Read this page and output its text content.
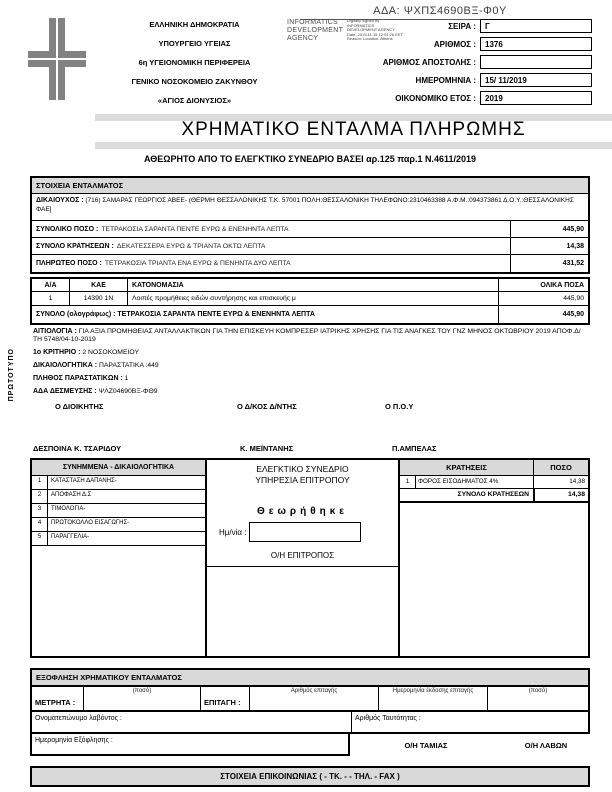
ΑΔΑ: ΨΧΠΣ4690ΒΞ-Φ0Υ
ΕΛΛΗΝΙΚΗ ΔΗΜΟΚΡΑΤΙΑ
ΥΠΟΥΡΓΕΙΟ ΥΓΕΙΑΣ
6η ΥΓΕΙΟΝΟΜΙΚΗ ΠΕΡΙΦΕΡΕΙΑ
ΓΕΝΙΚΟ ΝΟΣΟΚΟΜΕΙΟ ΖΑΚΥΝΘΟΥ
«ΑΓΙΟΣ ΔΙΟΝΥΣΙΟΣ»
INFORMATICS DEVELOPMENT AGENCY
Digitally signed by INFORMATICS DEVELOPMENT AGENCY Date: 2019.11.15 12:01:26 EET Reason: Location: Athens
ΣΕΙΡΑ :	Γ
ΑΡΙΘΜΟΣ :	1376
ΑΡΙΘΜΟΣ ΑΠΟΣΤΟΛΗΣ :
ΗΜΕΡΟΜΗΝΙΑ :	15/ 11/2019
ΟΙΚΟΝΟΜΙΚΟ ΕΤΟΣ :	2019
ΧΡΗΜΑΤΙΚΟ ΕΝΤΑΛΜΑ ΠΛΗΡΩΜΗΣ
ΑΘΕΩΡΗΤΟ ΑΠΟ ΤΟ ΕΛΕΓΚΤΙΚΟ ΣΥΝΕΔΡΙΟ ΒΑΣΕΙ αρ.125 παρ.1 Ν.4611/2019
ΣΤΟΙΧΕΙΑ ΕΝΤΑΛΜΑΤΟΣ
ΔΙΚΑΙΟΥΧΟΣ : (716) ΣΑΜΑΡΑΣ ΓΕΩΡΓΙΟΣ ΑΒΕΕ- (ΘΕΡΜΗ ΘΕΣΣΑΛΟΝΙΚΗΣ Τ.Κ. 57001 ΠΟΛΗ:ΘΕΣΣΑΛΟΝΙΚΗ ΤΗΛΕΦΩΝΟ:2310463388 Α.Φ.Μ.:094373861 Δ.Ο.Υ.:ΘΕΣΣΑΛΟΝΙΚΗΣ ΦΑΕ]
ΣΥΝΟΛΙΚΟ ΠΟΣΟ : ΤΕΤΡΑΚΟΣΙΑ ΣΑΡΑΝΤΑ ΠΕΝΤΕ ΕΥΡΩ & ΕΝΕΝΗΝΤΑ ΛΕΠΤΑ	445,90
ΣΥΝΟΛΟ ΚΡΑΤΗΣΕΩΝ : ΔΕΚΑΤΕΣΣΕΡΑ ΕΥΡΩ & ΤΡΙΑΝΤΑ ΟΚΤΩ ΛΕΠΤΑ	14,38
ΠΛΗΡΩΤΕΟ ΠΟΣΟ : ΤΕΤΡΑΚΟΣΙΑ ΤΡΙΑΝΤΑ ΕΝΑ ΕΥΡΩ & ΠΕΝΗΝΤΑ ΔΥΟ ΛΕΠΤΑ	431,52
Α/Α	ΚΑΕ	ΚΑΤΟΝΟΜΑΣΙΑ	ΟΛΙΚΑ ΠΟΣΑ
1	14390 1Ν	Λοιπές προμήθειες ειδών συντήρησης και επισκευής μ	445,90
ΣΥΝΟΛΟ (ολογράφως) : ΤΕΤΡΑΚΟΣΙΑ ΣΑΡΑΝΤΑ ΠΕΝΤΕ ΕΥΡΩ & ΕΝΕΝΗΝΤΑ ΛΕΠΤΑ	445,90
ΑΙΤΙΟΛΟΓΙΑ : ΓΙΑ ΑΞΙΑ ΠΡΟΜΗΘΕΙΑΣ ΑΝΤΑΛΛΑΚΤΙΚΩΝ ΓΙΑ ΤΗΝ ΕΠΙΣΚΕΥΗ ΚΟΜΠΡΕΣΕΡ ΙΑΤΡΙΚΗΣ ΧΡΗΣΗΣ ΓΙΑ ΤΙΣ ΑΝΑΓΚΕΣ ΤΟΥ ΓΝΖ ΜΗΝΟΣ ΟΚΤΩΒΡΙΟΥ 2019 ΑΠΟΦ.Δ/ΤΗ 5748/04-10-2019
1ο ΚΡΙΤΗΡΙΟ : 2 ΝΟΣΟΚΟΜΕΙΟΥ
ΔΙΚΑΙΟΛΟΓΗΤΙΚΑ : ΠΑΡΑΣΤΑΤΙΚΑ :449
ΠΛΗΘΟΣ ΠΑΡΑΣΤΑΤΙΚΩΝ : 1
ΑΔΑ ΔΕΣΜΕΥΣΗΣ : ΨΛΖ04690ΒΞ-ΦΘ9
ΠΡΩΤΟΤΥΠΟ
Ο ΔΙΟΙΚΗΤΗΣ	Ο Δ/ΚΟΣ Δ/ΝΤΗΣ	Ο Π.Ο.Υ
ΔΕΣΠΟΙΝΑ Κ. ΤΣΑΡΙΔΟΥ	Κ. ΜΕΪΝΤΑΝΗΣ	Π.ΑΜΠΕΛΑΣ
ΣΥΝΗΜΜΕΝΑ - ΔΙΚΑΙΟΛΟΓΗΤΙΚΑ
1	ΚΑΤΑΣΤΑΣΗ ΔΑΠΑΝΗΣ-
2	ΑΠΟΦΑΣΗ Δ.Σ
3	ΤΙΜΟΛΟΓΙΑ-
4	ΠΡΩΤΟΚΟΛΛΟ ΕΙΣΑΓΩΓΗΣ-
5	ΠΑΡΑΓΓΕΛΙΑ-
ΕΛΕΓΚΤΙΚΟ ΣΥΝΕΔΡΙΟ
ΥΠΗΡΕΣΙΑ ΕΠΙΤΡΟΠΟΥ
Θεωρήθηκε
Ημ/νία :
Ο/Η ΕΠΙΤΡΟΠΟΣ
ΚΡΑΤΗΣΕΙΣ	ΠΟΣΟ
1	ΦΟΡΟΣ ΕΙΣΟΔΗΜΑΤΟΣ 4%	14,38
ΣΥΝΟΛΟ ΚΡΑΤΗΣΕΩΝ	14,38
ΕΞΟΦΛΗΣΗ ΧΡΗΜΑΤΙΚΟΥ ΕΝΤΑΛΜΑΤΟΣ
ΜΕΤΡΗΤΑ :
(ποσό)
ΕΠΙΤΑΓΗ :
Αριθμός επιταγής	Ημερομηνία έκδοσης επιταγής	(ποσό)
Ονοματεπώνυμο λαβόντος :	Αριθμός Ταυτότητας :
Ημερομηνία Εξόφλησης :
Ο/Η ΤΑΜΙΑΣ	Ο/Η ΛΑΒΩΝ
ΣΤΟΙΧΕΙΑ ΕΠΙΚΟΙΝΩΝΙΑΣ ( - ΤΚ. - - ΤΗΛ. - FAX )
